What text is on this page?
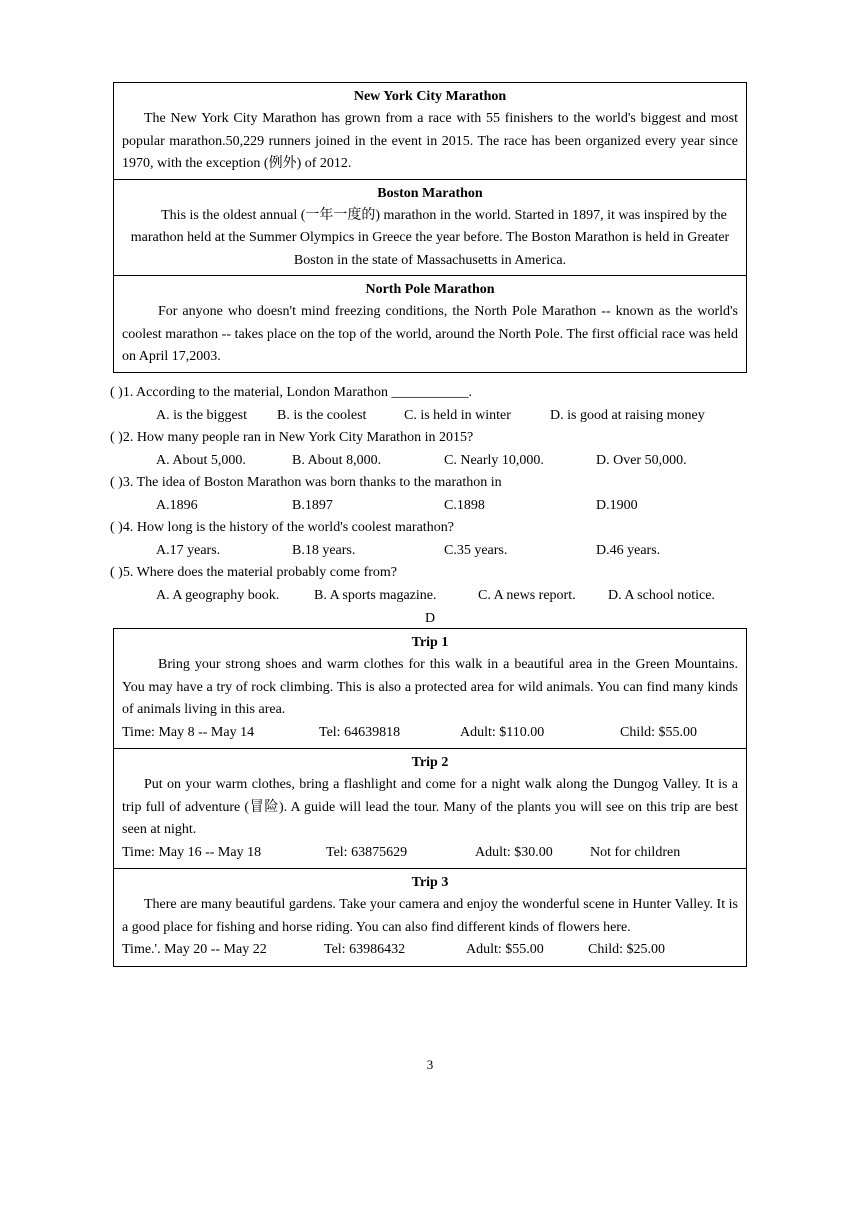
New York City Marathon
The New York City Marathon has grown from a race with 55 finishers to the world's biggest and most popular marathon.50,229 runners joined in the event in 2015. The race has been organized every year since 1970, with the exception (例外) of 2012.
Boston Marathon
This is the oldest annual (一年一度的) marathon in the world. Started in 1897, it was inspired by the marathon held at the Summer Olympics in Greece the year before. The Boston Marathon is held in Greater Boston in the state of Massachusetts in America.
North Pole Marathon
For anyone who doesn't mind freezing conditions, the North Pole Marathon -- known as the world's coolest marathon -- takes place on the top of the world, around the North Pole. The first official race was held on April 17,2003.
( )1. According to the material, London Marathon ___________.
A. is the biggest B. is the coolest	C. is held in winter	D. is good at raising money
( )2. How many people ran in New York City Marathon in 2015?
A. About 5,000.	B. About 8,000.	C. Nearly 10,000.	D. Over 50,000.
( )3. The idea of Boston Marathon was born thanks to the marathon in
A.1896	B.1897	C.1898	D.1900
( )4. How long is the history of the world's coolest marathon?
A.17 years.	B.18 years.	C.35 years.	D.46 years.
( )5. Where does the material probably come from?
A. A geography book. B. A sports magazine.	C. A news report. D. A school notice.
D
Trip 1
Bring your strong shoes and warm clothes for this walk in a beautiful area in the Green Mountains. You may have a try of rock climbing. This is also a protected area for wild animals. You can find many kinds of animals living in this area.
Time: May 8 -- May 14	Tel: 64639818	Adult: $110.00	Child: $55.00
Trip 2
Put on your warm clothes, bring a flashlight and come for a night walk along the Dungog Valley. It is a trip full of adventure (冒险). A guide will lead the tour. Many of the plants you will see on this trip are best seen at night.
Time: May 16 -- May 18	Tel: 63875629	Adult: $30.00	Not for children
Trip 3
There are many beautiful gardens. Take your camera and enjoy the wonderful scene in Hunter Valley. It is a good place for fishing and horse riding. You can also find different kinds of flowers here.
Time.'. May 20 -- May 22	Tel: 63986432	Adult: $55.00	Child: $25.00
3
